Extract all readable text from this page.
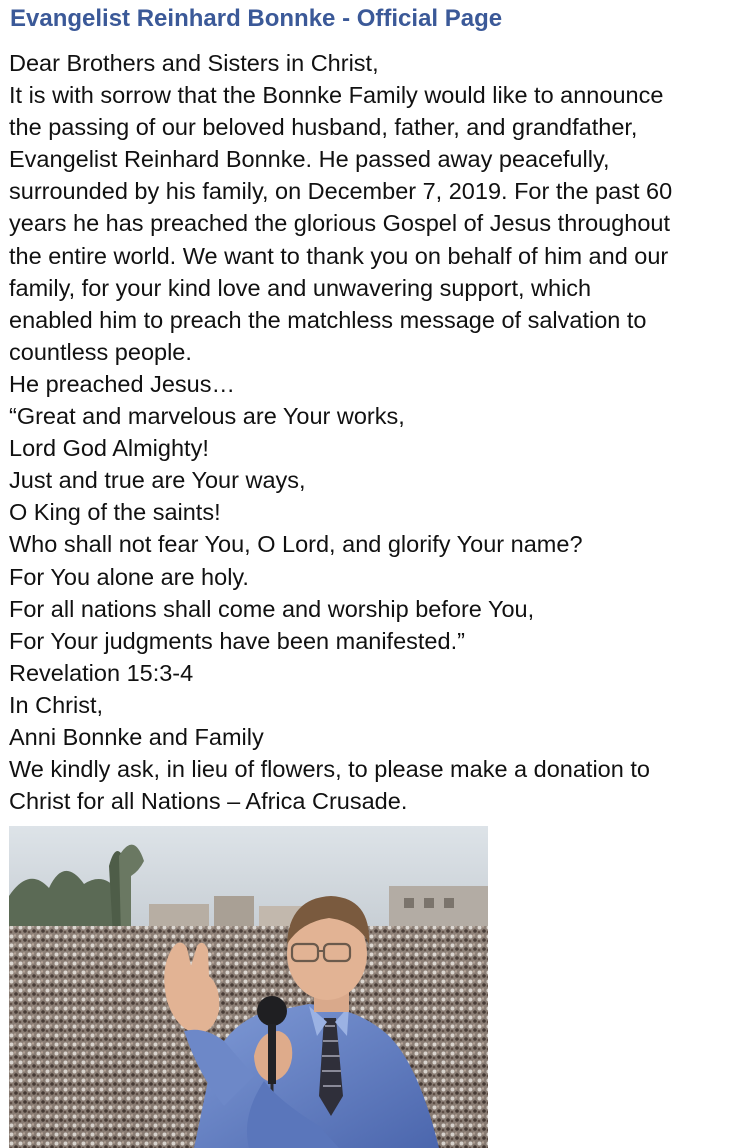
Evangelist Reinhard Bonnke - Official Page
Dear Brothers and Sisters in Christ,
It is with sorrow that the Bonnke Family would like to announce
the passing of our beloved husband, father, and grandfather,
Evangelist Reinhard Bonnke. He passed away peacefully,
surrounded by his family, on December 7, 2019. For the past 60
years he has preached the glorious Gospel of Jesus throughout
the entire world. We want to thank you on behalf of him and our
family, for your kind love and unwavering support, which
enabled him to preach the matchless message of salvation to
countless people.
He preached Jesus…
“Great and marvelous are Your works,
Lord God Almighty!
Just and true are Your ways,
O King of the saints!
Who shall not fear You, O Lord, and glorify Your name?
For You alone are holy.
For all nations shall come and worship before You,
For Your judgments have been manifested.”
Revelation 15:3-4
In Christ,
Anni Bonnke and Family
We kindly ask, in lieu of flowers, to please make a donation to
Christ for all Nations – Africa Crusade.
